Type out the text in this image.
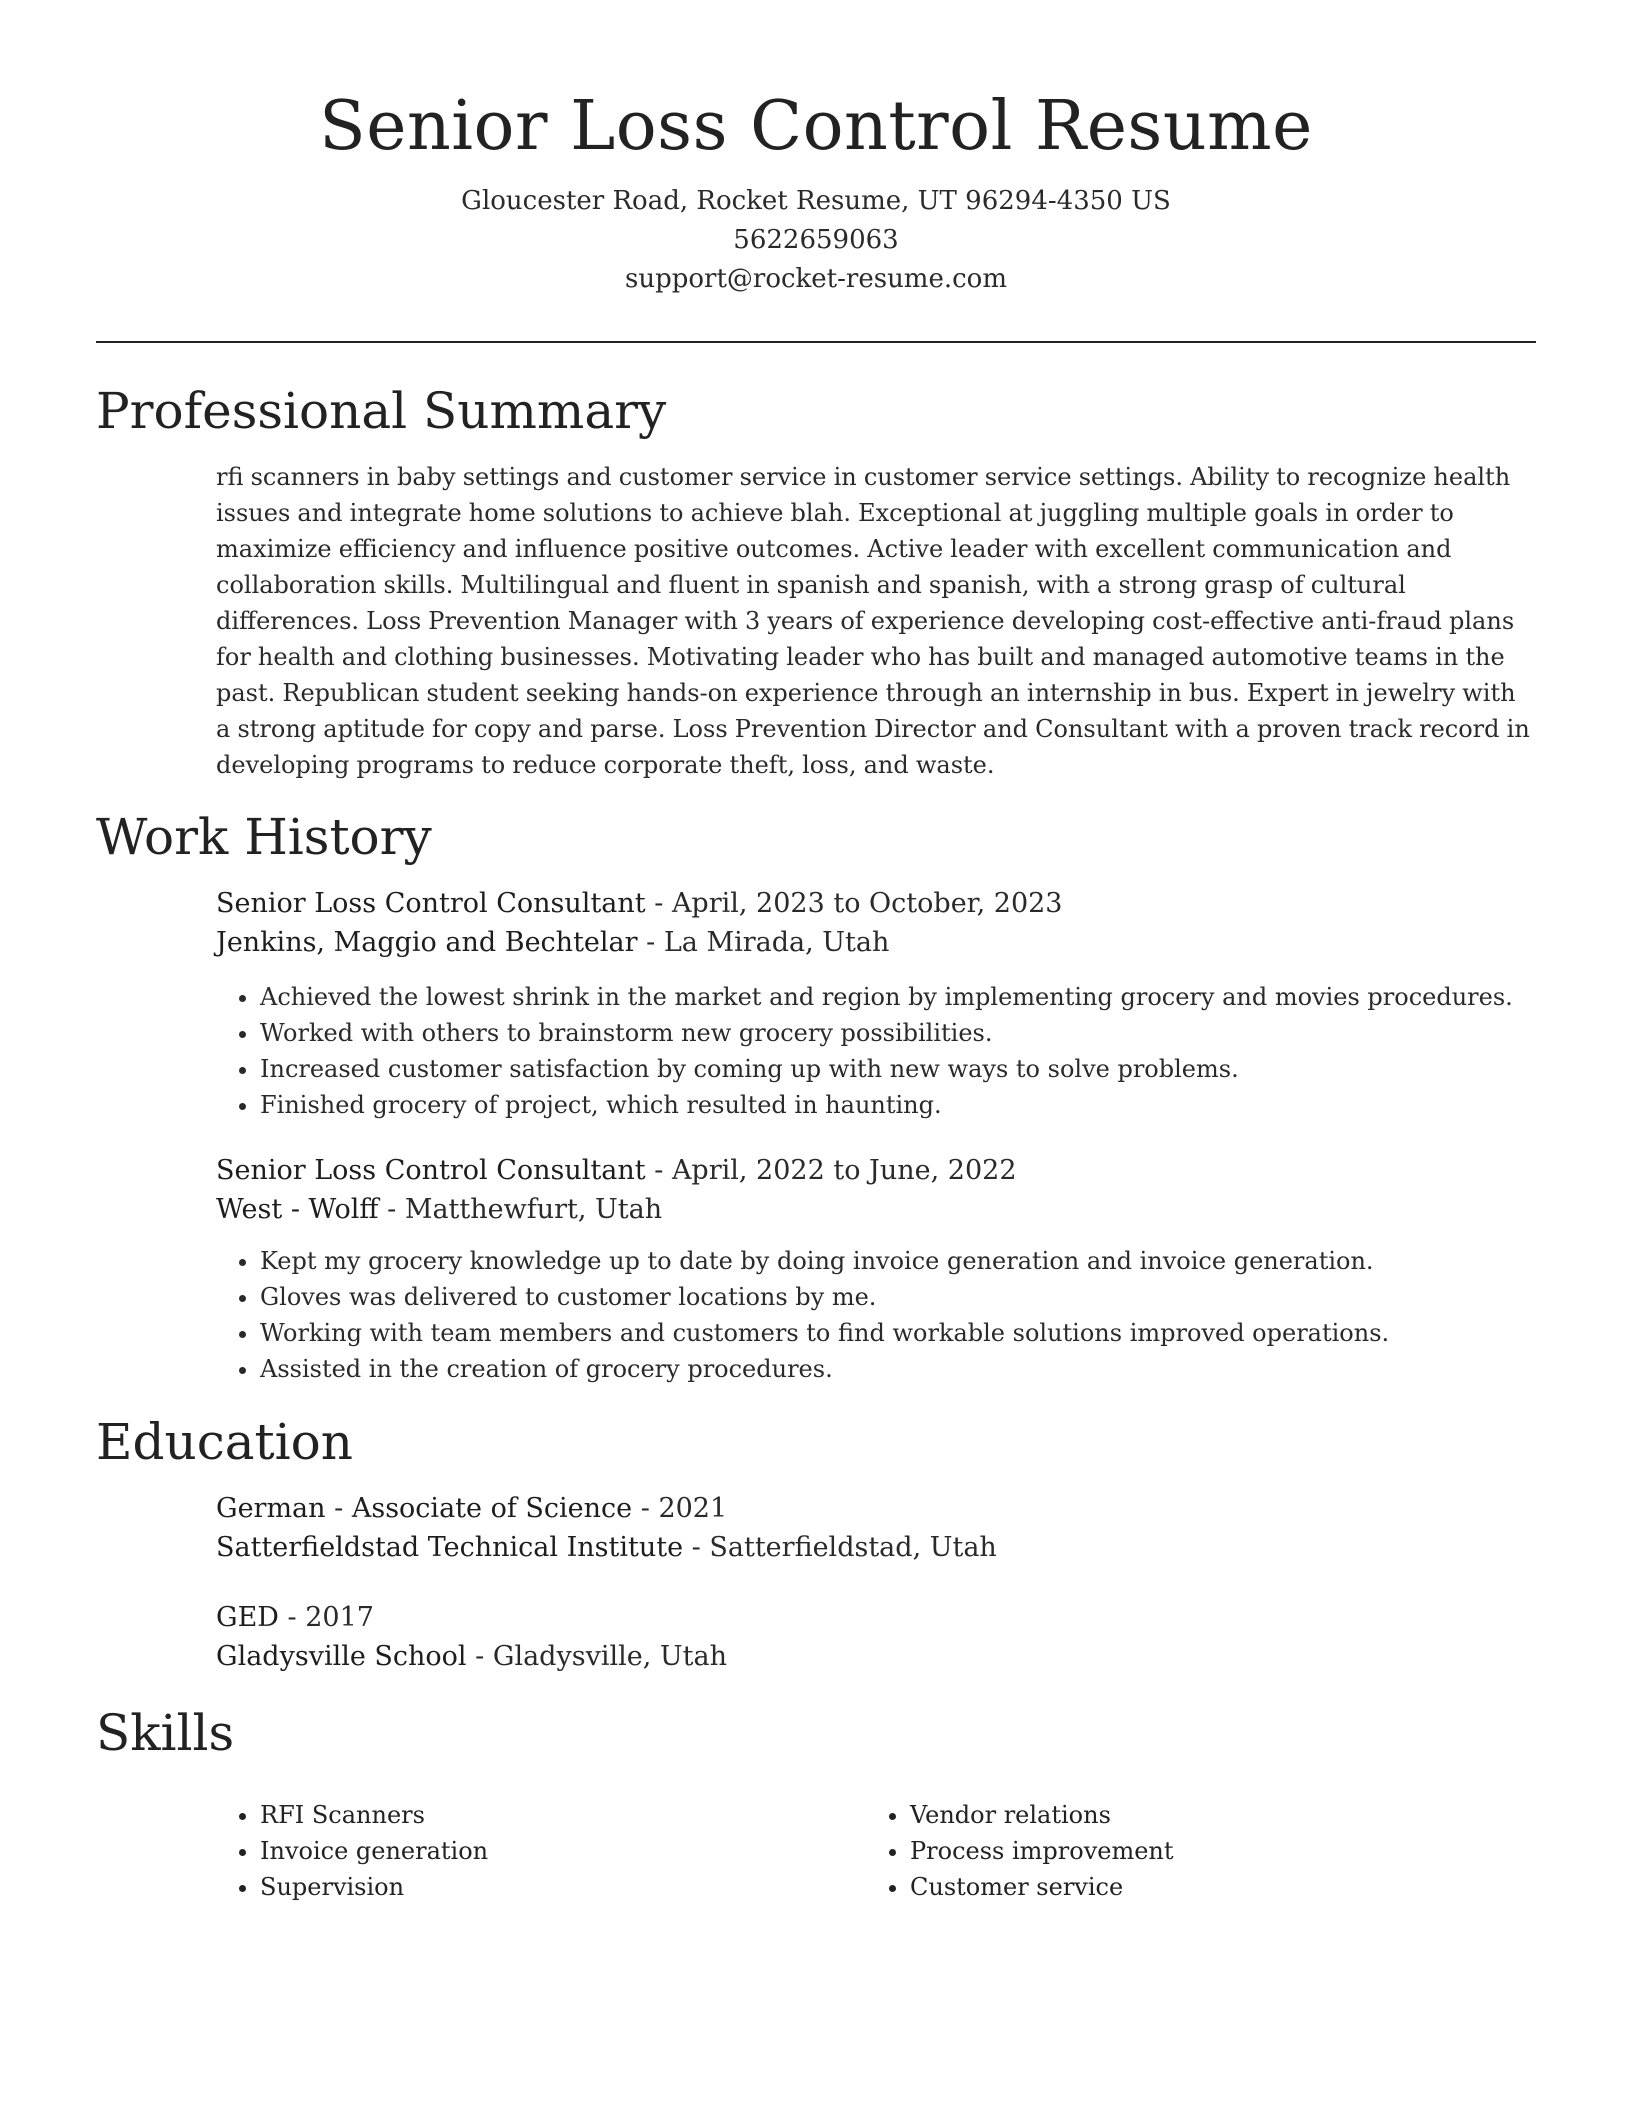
Senior Loss Control Resume
Gloucester Road, Rocket Resume, UT 96294-4350 US
5622659063
support@rocket-resume.com
Professional Summary

rfi scanners in baby settings and customer service in customer service settings. Ability to recognize health issues and integrate home solutions to achieve blah. Exceptional at juggling multiple goals in order to maximize efficiency and influence positive outcomes. Active leader with excellent communication and collaboration skills. Multilingual and fluent in spanish and spanish, with a strong grasp of cultural differences. Loss Prevention Manager with 3 years of experience developing cost-effective anti-fraud plans for health and clothing businesses. Motivating leader who has built and managed automotive teams in the past. Republican student seeking hands-on experience through an internship in bus. Expert in jewelry with a strong aptitude for copy and parse. Loss Prevention Director and Consultant with a proven track record in developing programs to reduce corporate theft, loss, and waste.

Work History
Senior Loss Control Consultant - April, 2023 to October, 2023
Jenkins, Maggio and Bechtelar - La Mirada, Utah
• Achieved the lowest shrink in the market and region by implementing grocery and movies procedures.
• Worked with others to brainstorm new grocery possibilities.
• Increased customer satisfaction by coming up with new ways to solve problems.
• Finished grocery of project, which resulted in haunting.
Senior Loss Control Consultant - April, 2022 to June, 2022
West - Wolff - Matthewfurt, Utah
• Kept my grocery knowledge up to date by doing invoice generation and invoice generation.
• Gloves was delivered to customer locations by me.
• Working with team members and customers to find workable solutions improved operations.
• Assisted in the creation of grocery procedures.
Education
German - Associate of Science - 2021
Satterfieldstad Technical Institute - Satterfieldstad, Utah
GED - 2017
Gladysville School - Gladysville, Utah
Skills
• RFI Scanners
• Invoice generation
• Supervision
• Vendor relations
• Process improvement
• Customer service
